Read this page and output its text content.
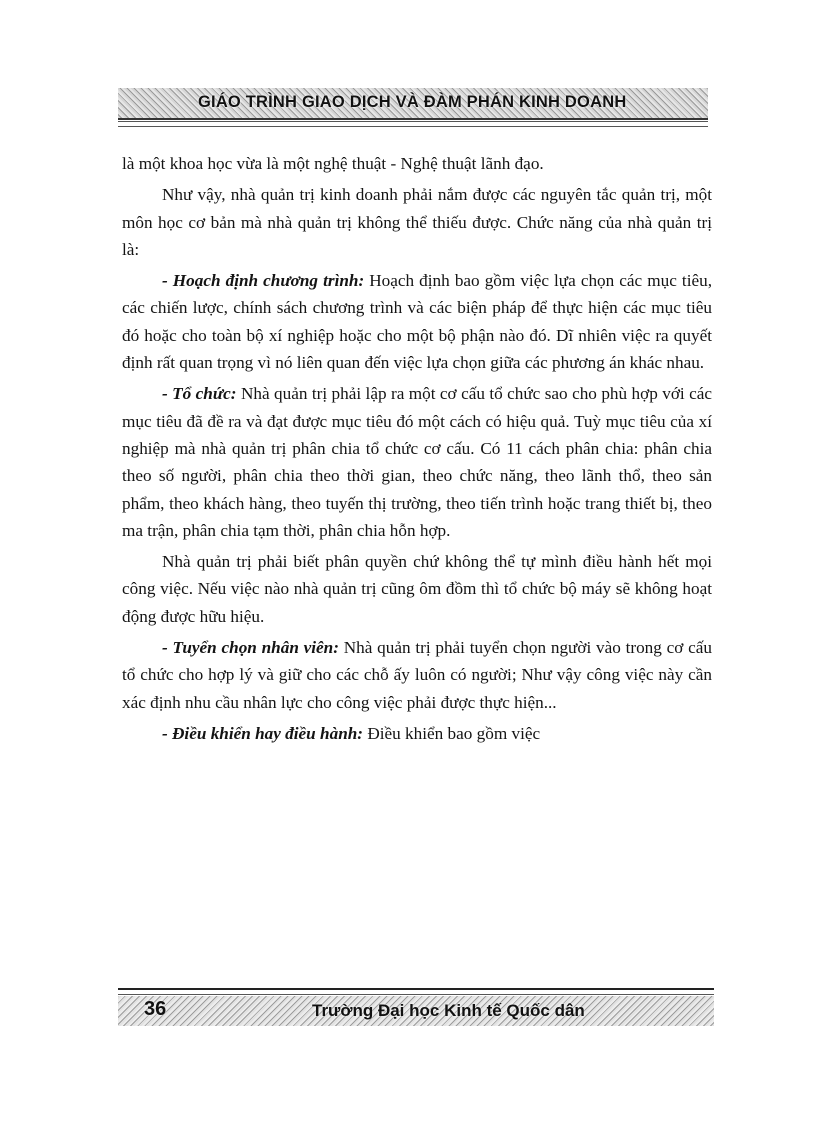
GIÁO TRÌNH GIAO DỊCH VÀ ĐÀM PHÁN KINH DOANH

là một khoa học vừa là một nghệ thuật - Nghệ thuật lãnh đạo.

Như vậy, nhà quản trị kinh doanh phải nắm được các nguyên tắc quản trị, một môn học cơ bản mà nhà quản trị không thể thiếu được. Chức năng của nhà quản trị là:

- Hoạch định chương trình: Hoạch định bao gồm việc lựa chọn các mục tiêu, các chiến lược, chính sách chương trình và các biện pháp để thực hiện các mục tiêu đó hoặc cho toàn bộ xí nghiệp hoặc cho một bộ phận nào đó. Dĩ nhiên việc ra quyết định rất quan trọng vì nó liên quan đến việc lựa chọn giữa các phương án khác nhau.

- Tổ chức: Nhà quản trị phải lập ra một cơ cấu tổ chức sao cho phù hợp với các mục tiêu đã đề ra và đạt được mục tiêu đó một cách có hiệu quả. Tuỳ mục tiêu của xí nghiệp mà nhà quản trị phân chia tổ chức cơ cấu. Có 11 cách phân chia: phân chia theo số người, phân chia theo thời gian, theo chức năng, theo lãnh thổ, theo sản phẩm, theo khách hàng, theo tuyến thị trường, theo tiến trình hoặc trang thiết bị, theo ma trận, phân chia tạm thời, phân chia hỗn hợp.

Nhà quản trị phải biết phân quyền chứ không thể tự mình điều hành hết mọi công việc. Nếu việc nào nhà quản trị cũng ôm đồm thì tổ chức bộ máy sẽ không hoạt động được hữu hiệu.

- Tuyển chọn nhân viên: Nhà quản trị phải tuyển chọn người vào trong cơ cấu tổ chức cho hợp lý và giữ cho các chỗ ấy luôn có người; Như vậy công việc này cần xác định nhu cầu nhân lực cho công việc phải được thực hiện...

- Điều khiển hay điều hành: Điều khiển bao gồm việc

36	Trường Đại học Kinh tế Quốc dân
